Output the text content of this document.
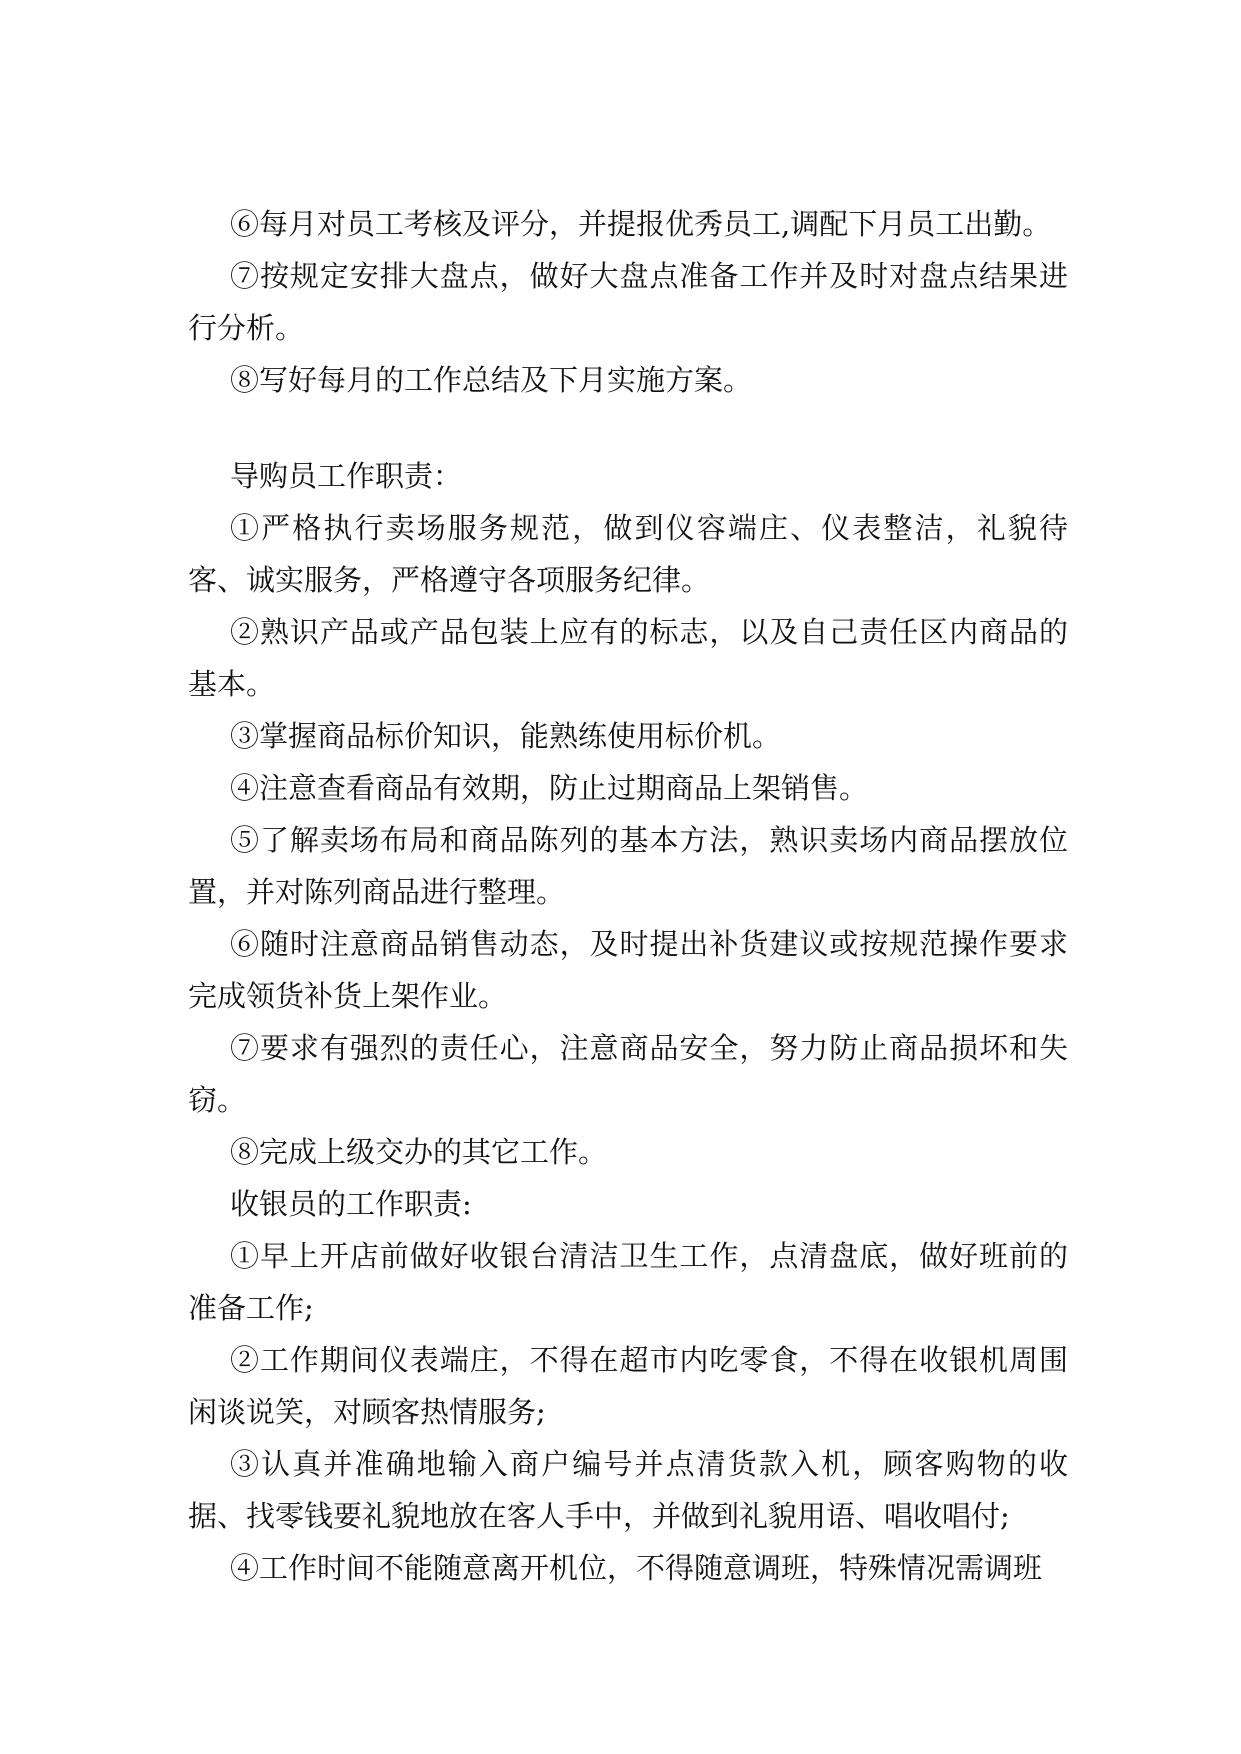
⑥每月对员工考核及评分，并提报优秀员工,调配下月员工出勤。

⑦按规定安排大盘点，做好大盘点准备工作并及时对盘点结果进行分析。

⑧写好每月的工作总结及下月实施方案。

导购员工作职责：

①严格执行卖场服务规范，做到仪容端庄、仪表整洁，礼貌待客、诚实服务，严格遵守各项服务纪律。

②熟识产品或产品包装上应有的标志，以及自己责任区内商品的基本。

③掌握商品标价知识，能熟练使用标价机。

④注意查看商品有效期，防止过期商品上架销售。

⑤了解卖场布局和商品陈列的基本方法，熟识卖场内商品摆放位置，并对陈列商品进行整理。

⑥随时注意商品销售动态，及时提出补货建议或按规范操作要求完成领货补货上架作业。

⑦要求有强烈的责任心，注意商品安全，努力防止商品损坏和失窃。

⑧完成上级交办的其它工作。

收银员的工作职责:

①早上开店前做好收银台清洁卫生工作，点清盘底，做好班前的准备工作;

②工作期间仪表端庄，不得在超市内吃零食，不得在收银机周围闲谈说笑，对顾客热情服务;

③认真并准确地输入商户编号并点清货款入机，顾客购物的收据、找零钱要礼貌地放在客人手中，并做到礼貌用语、唱收唱付;

④工作时间不能随意离开机位，不得随意调班，特殊情况需调班
